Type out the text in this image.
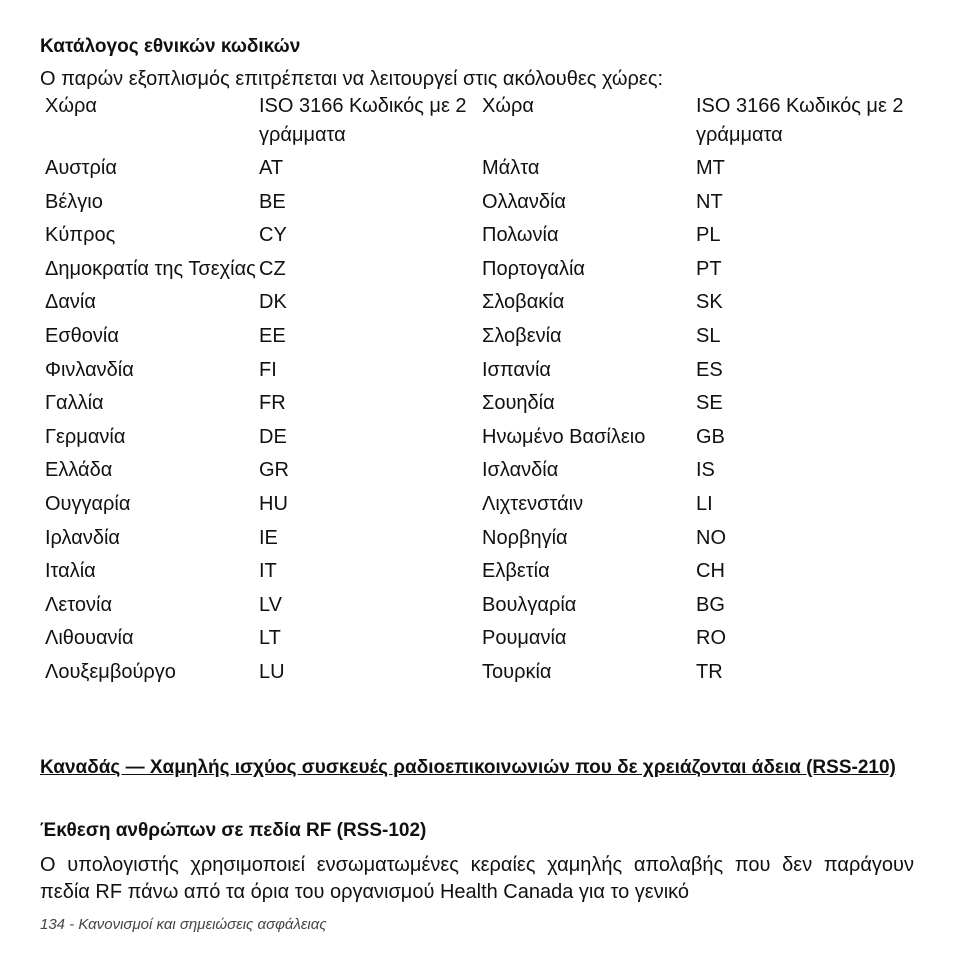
Κατάλογος εθνικών κωδικών

Ο παρών εξοπλισμός επιτρέπεται να λειτουργεί στις ακόλουθες χώρες:

Χώρα	ISO 3166 Κωδικός με 2 γράμματα
Αυστρία	AT
Βέλγιο	BE
Κύπρος	CY
Δημοκρατία της Τσεχίας CZ
Δανία	DK
Εσθονία	EE
Φινλανδία	FI
Γαλλία	FR
Γερμανία	DE
Ελλάδα	GR
Ουγγαρία	HU
Ιρλανδία	IE
Ιταλία	IT
Λετονία	LV
Λιθουανία	LT
Λουξεμβούργο	LU
Χώρα	ISO 3166 Κωδικός με 2 γράμματα
Μάλτα	MT
Ολλανδία	NT
Πολωνία	PL
Πορτογαλία	PT
Σλοβακία	SK
Σλοβενία	SL
Ισπανία	ES
Σουηδία	SE
Ηνωμένο Βασίλειο	GB
Ισλανδία	IS
Λιχτενστάιν	LI
Νορβηγία	NO
Ελβετία	CH
Βουλγαρία	BG
Ρουμανία	RO
Τουρκία	TR

Καναδάς — Χαμηλής ισχύος συσκευές ραδιοεπικοινωνιών που δε χρειάζονται άδεια (RSS-210)

Έκθεση ανθρώπων σε πεδία RF (RSS-102)

Ο υπολογιστής χρησιμοποιεί ενσωματωμένες κεραίες χαμηλής απολαβής που δεν παράγουν πεδία RF πάνω από τα όρια του οργανισμού Health Canada για το γενικό

134 - Κανονισμοί και σημειώσεις ασφάλειας
